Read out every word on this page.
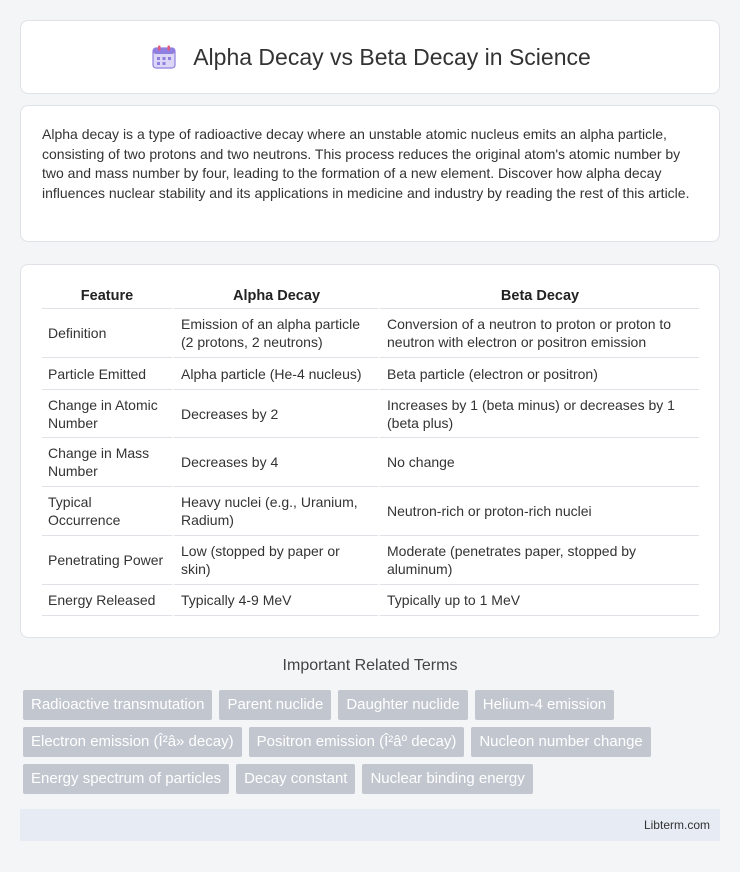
Alpha Decay vs Beta Decay in Science

Alpha decay is a type of radioactive decay where an unstable atomic nucleus emits an alpha particle, consisting of two protons and two neutrons. This process reduces the original atom's atomic number by two and mass number by four, leading to the formation of a new element. Discover how alpha decay influences nuclear stability and its applications in medicine and industry by reading the rest of this article.

Feature	Alpha Decay	Beta Decay
Definition	Emission of an alpha particle (2 protons, 2 neutrons)	Conversion of a neutron to proton or proton to neutron with electron or positron emission
Particle Emitted	Alpha particle (He-4 nucleus)	Beta particle (electron or positron)
Change in Atomic Number	Decreases by 2	Increases by 1 (beta minus) or decreases by 1 (beta plus)
Change in Mass Number	Decreases by 4	No change
Typical Occurrence	Heavy nuclei (e.g., Uranium, Radium)	Neutron-rich or proton-rich nuclei
Penetrating Power	Low (stopped by paper or skin)	Moderate (penetrates paper, stopped by aluminum)
Energy Released	Typically 4-9 MeV	Typically up to 1 MeV
Important Related Terms
Radioactive transmutation	Parent nuclide	Daughter nuclide	Helium-4 emission
Electron emission (Î²â» decay)	Positron emission (Î²âº decay)	Nucleon number change
Energy spectrum of particles	Decay constant	Nuclear binding energy
Libterm.com
